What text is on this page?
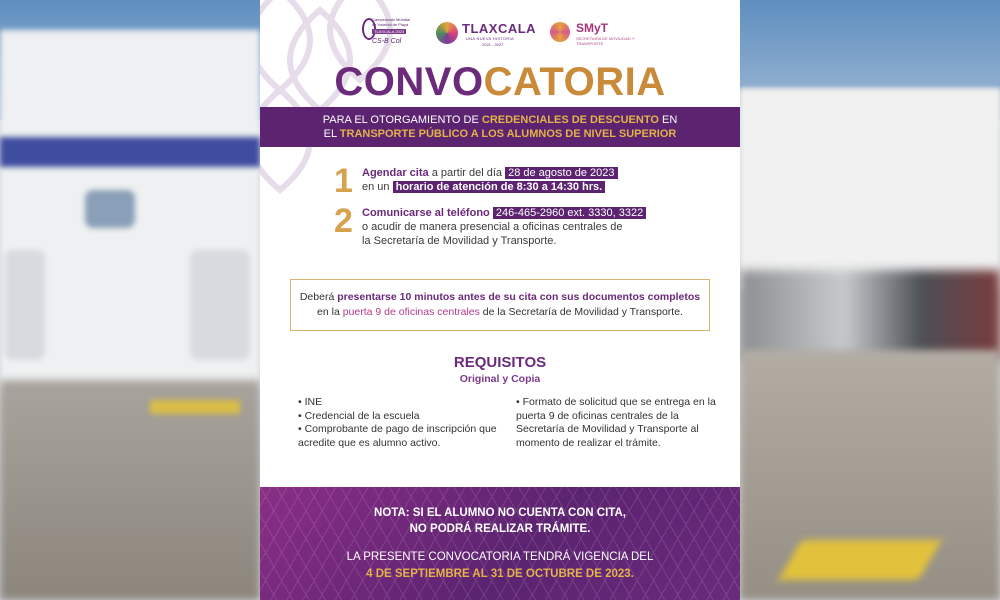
Campeonato Mundial
de Voleibol de Playa
TLAXCALA 2023
CS-B Col
TLAXCALA
UNA NUEVA HISTORIA
2021 - 2027
SMyT
SECRETARÍA DE MOVILIDAD Y TRANSPORTE
CONVOCATORIA
PARA EL OTORGAMIENTO DE CREDENCIALES DE DESCUENTO EN
EL TRANSPORTE PÚBLICO A LOS ALUMNOS DE NIVEL SUPERIOR
1 Agendar cita a partir del día 28 de agosto de 2023
en un horario de atención de 8:30 a 14:30 hrs.
2 Comunicarse al teléfono 246-465-2960 ext. 3330, 3322
o acudir de manera presencial a oficinas centrales de
la Secretaría de Movilidad y Transporte.
Deberá presentarse 10 minutos antes de su cita con sus documentos completos
en la puerta 9 de oficinas centrales de la Secretaría de Movilidad y Transporte.
REQUISITOS
Original y Copia

• INE

• Credencial de la escuela

• Comprobante de pago de inscripción que acredite que es alumno activo.

• Formato de solicitud que se entrega en la puerta 9 de oficinas centrales de la Secretaría de Movilidad y Transporte al momento de realizar el trámite.

NOTA: SI EL ALUMNO NO CUENTA CON CITA,
NO PODRÁ REALIZAR TRÁMITE.
LA PRESENTE CONVOCATORIA TENDRÁ VIGENCIA DEL
4 DE SEPTIEMBRE AL 31 DE OCTUBRE DE 2023.
